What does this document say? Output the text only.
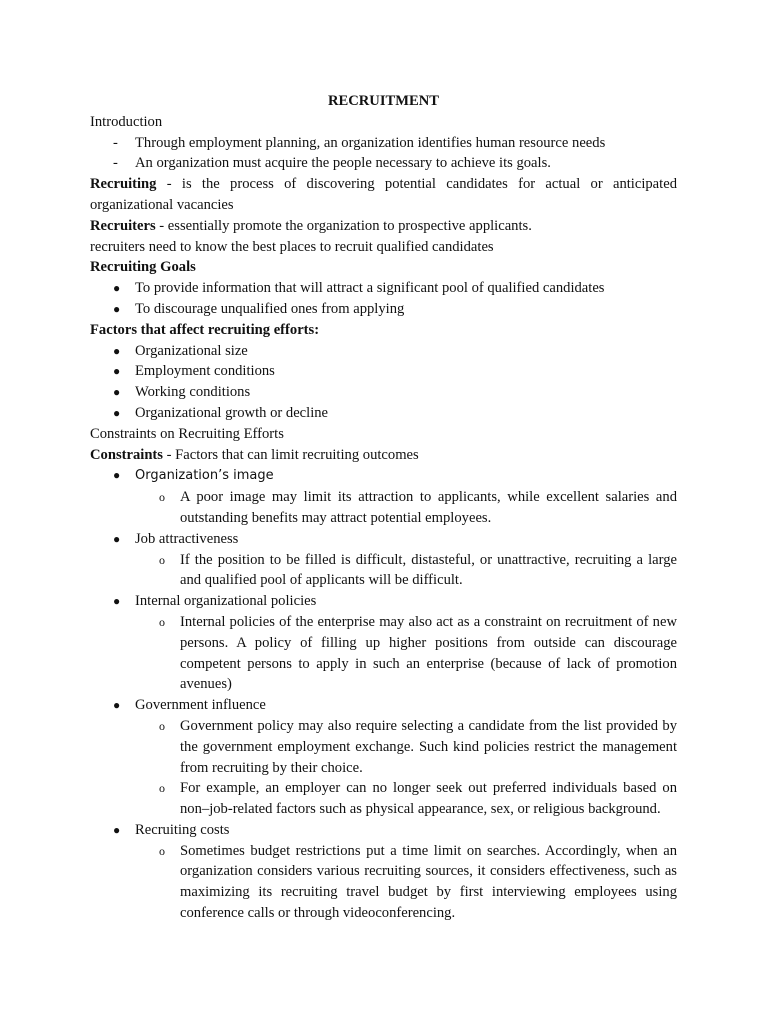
RECRUITMENT

Introduction

- Through employment planning, an organization identifies human resource needs
- An organization must acquire the people necessary to achieve its goals.

Recruiting - is the process of discovering potential candidates for actual or anticipated organizational vacancies

Recruiters - essentially promote the organization to prospective applicants.

recruiters need to know the best places to recruit qualified candidates

Recruiting Goals

● To provide information that will attract a significant pool of qualified candidates
● To discourage unqualified ones from applying

Factors that affect recruiting efforts:

● Organizational size
● Employment conditions
● Working conditions
● Organizational growth or decline

Constraints on Recruiting Efforts

Constraints - Factors that can limit recruiting outcomes

● Organization’s image
o A poor image may limit its attraction to applicants, while excellent salaries and outstanding benefits may attract potential employees.
● Job attractiveness
o If the position to be filled is difficult, distasteful, or unattractive, recruiting a large and qualified pool of applicants will be difficult.
● Internal organizational policies
o Internal policies of the enterprise may also act as a constraint on recruitment of new persons. A policy of filling up higher positions from outside can discourage competent persons to apply in such an enterprise (because of lack of promotion avenues)
● Government influence
o Government policy may also require selecting a candidate from the list provided by the government employment exchange. Such kind policies restrict the management from recruiting by their choice.
o For example, an employer can no longer seek out preferred individuals based on non–job-related factors such as physical appearance, sex, or religious background.
● Recruiting costs
o Sometimes budget restrictions put a time limit on searches. Accordingly, when an organization considers various recruiting sources, it considers effectiveness, such as maximizing its recruiting travel budget by first interviewing employees using conference calls or through videoconferencing.
